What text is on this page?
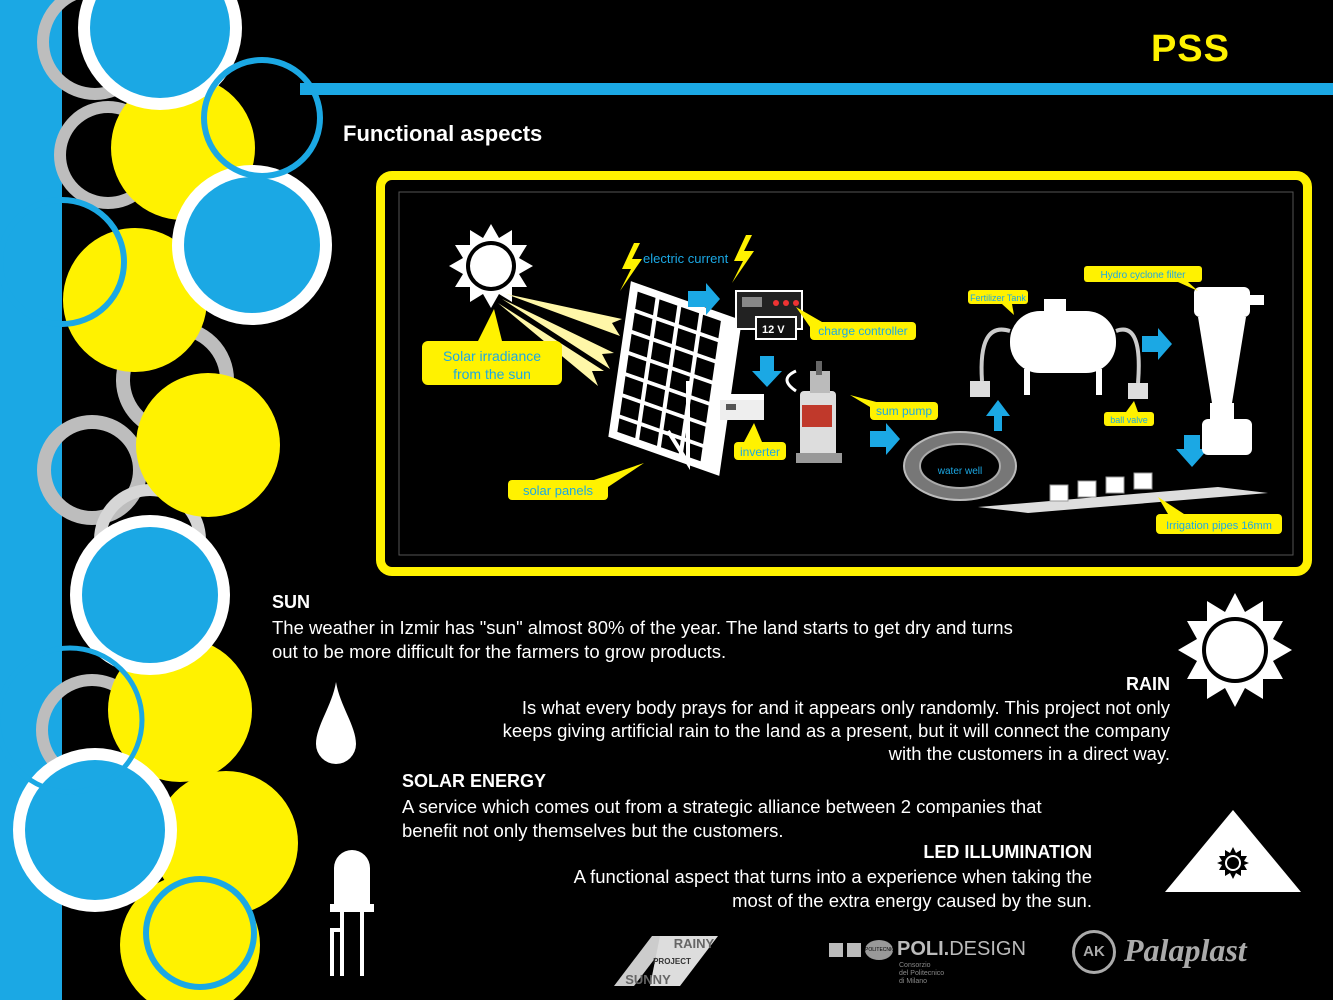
PSS
Functional aspects
Solar irradiance
from the sun
solar panels
electric current
12 V	charge controller
inverter
sum pump
water well
Fertilizer Tank
ball valve
Hydro cyclone filter
Irrigation pipes 16mm
SUN
The weather in Izmir has "sun" almost 80% of the year. The land starts to get dry and turns
out to be more difficult for the farmers to grow products.
RAIN
Is what every body prays for and it appears only randomly. This project not only
keeps giving artificial rain to the land as a present, but it will connect the company
with the customers in a direct way.
SOLAR ENERGY
A service which comes out from a strategic alliance between 2 companies that
benefit not only themselves but the customers.
LED ILLUMINATION
A functional aspect that turns into a experience when taking the
most of the extra energy caused by the sun.
RAINY
PROJECT
SUNNY
POLITECNICO
POLI.DESIGN
Consorzio
del Politecnico
di Milano
AK Palaplast
